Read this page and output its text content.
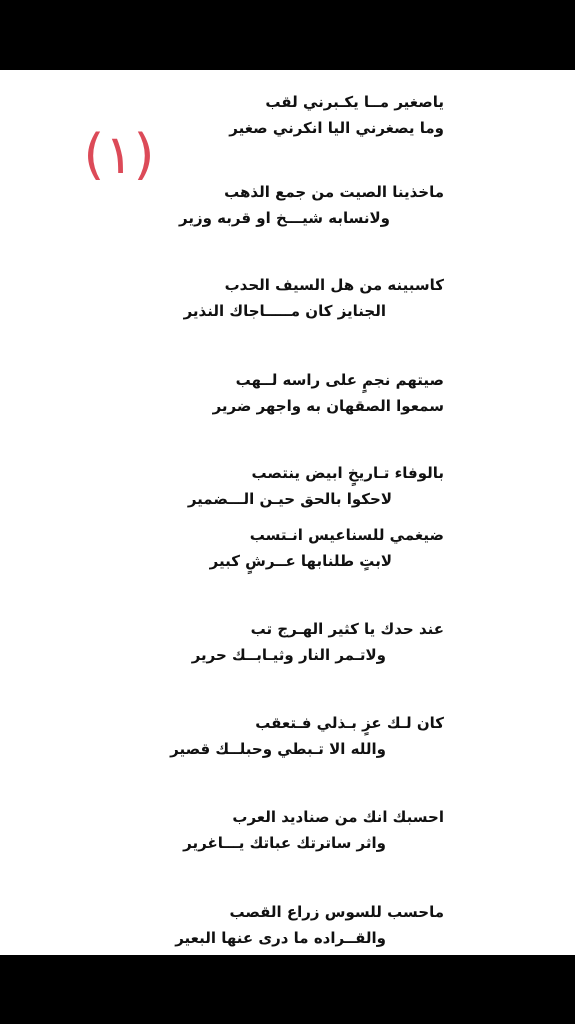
(١)
ياصغير مــا يكـبرني لقب
وما يصغرني اليا انكرني صغير
ماخذينا الصيت من جمع الذهب
ولانسابه شيـــخ او قربه وزير
كاسبينه من هل السيف الحدب
الجنايز كان مـــــاجاك النذير
صيتهم نجمٍ على راسه لــهب
سمعوا الصقهان به واجهر ضرير
بالوفاء تـاريخٍ ابيض ينتصب
لاحكوا بالحق حيـن الـــضمير
ضيغمي للسناعيس انـتسب
لابتٍ طلنابها عــرشٍ كبير
عند حدك يا كثير الهـرج تب
ولاتـمر النار وثيـابــك حرير
كان لـك عزٍ بـذلي فـتعقب
والله الا تـبطي وحبلــك قصير
احسبك انك من صناديد العرب
واثر ساترتك عباتك يـــاغرير
ماحسب للسوس زراع القصب
والقــراده ما درى عنها البعير
